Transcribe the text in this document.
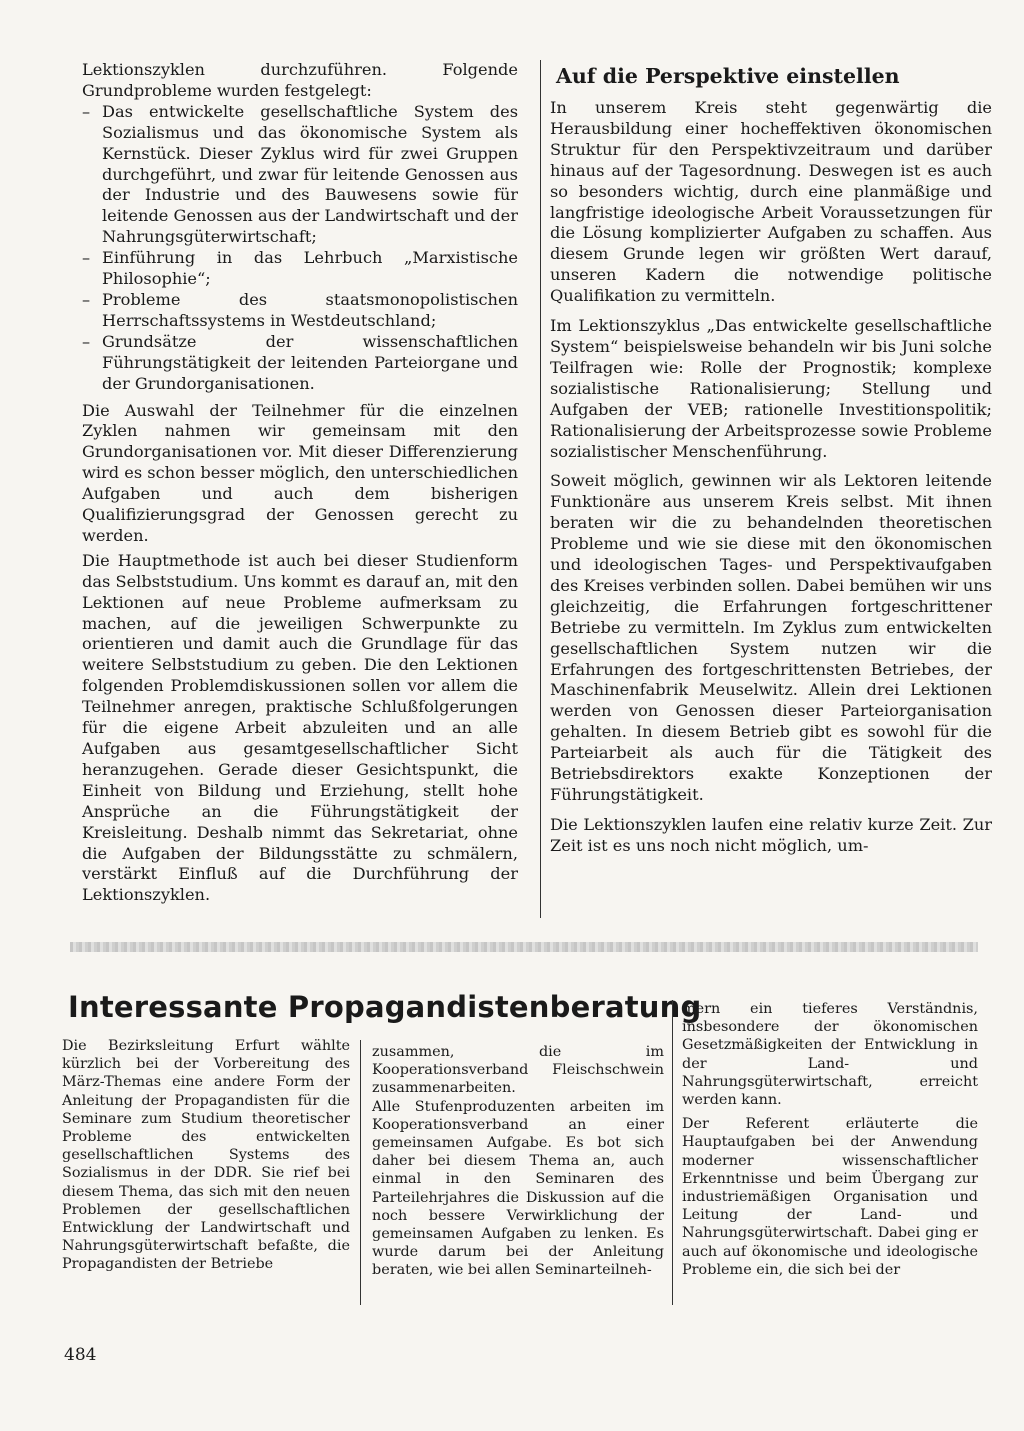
Lektionszyklen durchzuführen. Folgende Grundprobleme wurden festgelegt:

– Das entwickelte gesellschaftliche System des Sozialismus und das ökonomische System als Kernstück. Dieser Zyklus wird für zwei Gruppen durchgeführt, und zwar für leitende Genossen aus der Industrie und des Bauwesens sowie für leitende Genossen aus der Landwirtschaft und der Nahrungsgüterwirtschaft;
– Einführung in das Lehrbuch „Marxistische Philosophie“;
– Probleme des staatsmonopolistischen Herrschaftssystems in Westdeutschland;
– Grundsätze der wissenschaftlichen Führungstätigkeit der leitenden Parteiorgane und der Grundorganisationen.

Die Auswahl der Teilnehmer für die einzelnen Zyklen nahmen wir gemeinsam mit den Grundorganisationen vor. Mit dieser Differenzierung wird es schon besser möglich, den unterschiedlichen Aufgaben und auch dem bisherigen Qualifizierungsgrad der Genossen gerecht zu werden.

Die Hauptmethode ist auch bei dieser Studienform das Selbststudium. Uns kommt es darauf an, mit den Lektionen auf neue Probleme aufmerksam zu machen, auf die jeweiligen Schwerpunkte zu orientieren und damit auch die Grundlage für das weitere Selbststudium zu geben. Die den Lektionen folgenden Problemdiskussionen sollen vor allem die Teilnehmer anregen, praktische Schlußfolgerungen für die eigene Arbeit abzuleiten und an alle Aufgaben aus gesamtgesellschaftlicher Sicht heranzugehen. Gerade dieser Gesichtspunkt, die Einheit von Bildung und Erziehung, stellt hohe Ansprüche an die Führungstätigkeit der Kreisleitung. Deshalb nimmt das Sekretariat, ohne die Aufgaben der Bildungsstätte zu schmälern, verstärkt Einfluß auf die Durchführung der Lektionszyklen.

Auf die Perspektive einstellen

In unserem Kreis steht gegenwärtig die Herausbildung einer hocheffektiven ökonomischen Struktur für den Perspektivzeitraum und darüber hinaus auf der Tagesordnung. Deswegen ist es auch so besonders wichtig, durch eine planmäßige und langfristige ideologische Arbeit Voraussetzungen für die Lösung komplizierter Aufgaben zu schaffen. Aus diesem Grunde legen wir größten Wert darauf, unseren Kadern die notwendige politische Qualifikation zu vermitteln.

Im Lektionszyklus „Das entwickelte gesellschaftliche System“ beispielsweise behandeln wir bis Juni solche Teilfragen wie: Rolle der Prognostik; komplexe sozialistische Rationalisierung; Stellung und Aufgaben der VEB; rationelle Investitionspolitik; Rationalisierung der Arbeitsprozesse sowie Probleme sozialistischer Menschenführung.

Soweit möglich, gewinnen wir als Lektoren leitende Funktionäre aus unserem Kreis selbst. Mit ihnen beraten wir die zu behandelnden theoretischen Probleme und wie sie diese mit den ökonomischen und ideologischen Tages- und Perspektivaufgaben des Kreises verbinden sollen. Dabei bemühen wir uns gleichzeitig, die Erfahrungen fortgeschrittener Betriebe zu vermitteln. Im Zyklus zum entwickelten gesellschaftlichen System nutzen wir die Erfahrungen des fortgeschrittensten Betriebes, der Maschinenfabrik Meuselwitz. Allein drei Lektionen werden von Genossen dieser Parteiorganisation gehalten. In diesem Betrieb gibt es sowohl für die Parteiarbeit als auch für die Tätigkeit des Betriebsdirektors exakte Konzeptionen der Führungstätigkeit.

Die Lektionszyklen laufen eine relativ kurze Zeit. Zur Zeit ist es uns noch nicht möglich, um-

Interessante Propagandistenberatung

Die Bezirksleitung Erfurt wählte kürzlich bei der Vorbereitung des März-Themas eine andere Form der Anleitung der Propagandisten für die Seminare zum Studium theoretischer Probleme des entwickelten gesellschaftlichen Systems des Sozialismus in der DDR. Sie rief bei diesem Thema, das sich mit den neuen Problemen der gesellschaftlichen Entwicklung der Landwirtschaft und Nahrungsgüterwirtschaft befaßte, die Propagandisten der Betriebe

zusammen, die im Kooperationsverband Fleischschwein zusammenarbeiten.

Alle Stufenproduzenten arbeiten im Kooperationsverband an einer gemeinsamen Aufgabe. Es bot sich daher bei diesem Thema an, auch einmal in den Seminaren des Parteilehrjahres die Diskussion auf die noch bessere Verwirklichung der gemeinsamen Aufgaben zu lenken. Es wurde darum bei der Anleitung beraten, wie bei allen Seminarteilneh-

mern ein tieferes Verständnis, insbesondere der ökonomischen Gesetzmäßigkeiten der Entwicklung in der Land- und Nahrungsgüterwirtschaft, erreicht werden kann.

Der Referent erläuterte die Hauptaufgaben bei der Anwendung moderner wissenschaftlicher Erkenntnisse und beim Übergang zur industriemäßigen Organisation und Leitung der Land- und Nahrungsgüterwirtschaft. Dabei ging er auch auf ökonomische und ideologische Probleme ein, die sich bei der

484
